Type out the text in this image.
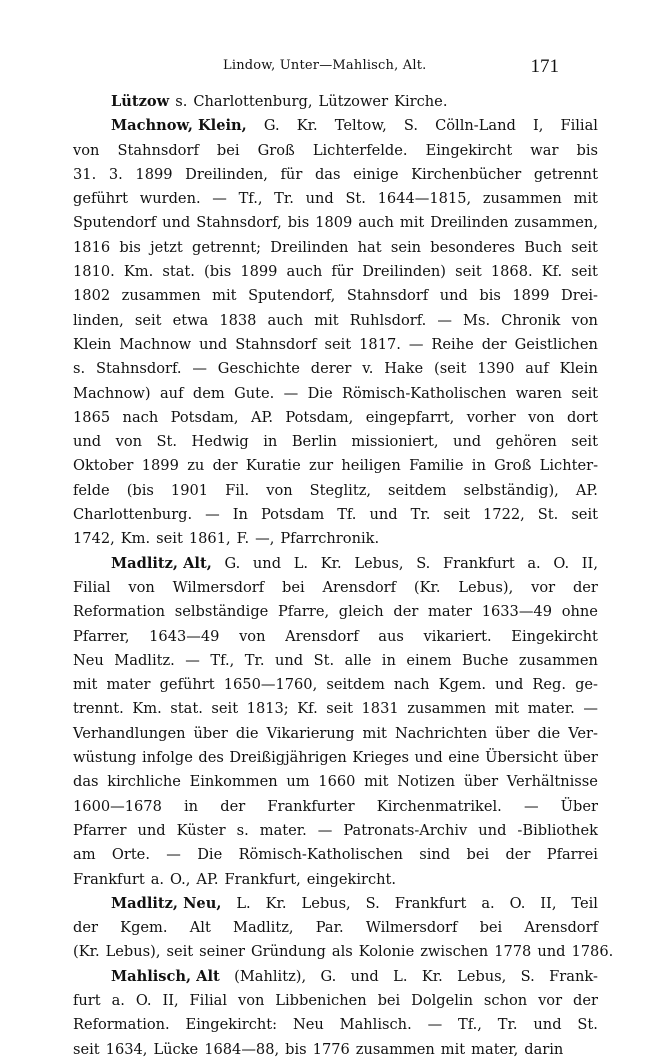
Lindow, Unter—Mahlisch, Alt.	171
Lützow s. Charlottenburg, Lützower Kirche.
Machnow, Klein, G. Kr. Teltow, S. Cölln-Land I, Filial
von Stahnsdorf bei Groß Lichterfelde. Eingekircht war bis
31. 3. 1899 Dreilinden, für das einige Kirchenbücher getrennt
geführt wurden. — Tf., Tr. und St. 1644—1815, zusammen mit
Sputendorf und Stahnsdorf, bis 1809 auch mit Dreilinden zusammen,
1816 bis jetzt getrennt; Dreilinden hat sein besonderes Buch seit
1810. Km. stat. (bis 1899 auch für Dreilinden) seit 1868. Kf. seit
1802 zusammen mit Sputendorf, Stahnsdorf und bis 1899 Drei-
linden, seit etwa 1838 auch mit Ruhlsdorf. — Ms. Chronik von
Klein Machnow und Stahnsdorf seit 1817. — Reihe der Geistlichen
s. Stahnsdorf. — Geschichte derer v. Hake (seit 1390 auf Klein
Machnow) auf dem Gute. — Die Römisch-Katholischen waren seit
1865 nach Potsdam, AP. Potsdam, eingepfarrt, vorher von dort
und von St. Hedwig in Berlin missioniert, und gehören seit
Oktober 1899 zu der Kuratie zur heiligen Familie in Groß Lichter-
felde (bis 1901 Fil. von Steglitz, seitdem selbständig), AP.
Charlottenburg. — In Potsdam Tf. und Tr. seit 1722, St. seit
1742, Km. seit 1861, F. —, Pfarrchronik.
Madlitz, Alt, G. und L. Kr. Lebus, S. Frankfurt a. O. II,
Filial von Wilmersdorf bei Arensdorf (Kr. Lebus), vor der
Reformation selbständige Pfarre, gleich der mater 1633—49 ohne
Pfarrer, 1643—49 von Arensdorf aus vikariert. Eingekircht
Neu Madlitz. — Tf., Tr. und St. alle in einem Buche zusammen
mit mater geführt 1650—1760, seitdem nach Kgem. und Reg. ge-
trennt. Km. stat. seit 1813; Kf. seit 1831 zusammen mit mater. —
Verhandlungen über die Vikarierung mit Nachrichten über die Ver-
wüstung infolge des Dreißigjährigen Krieges und eine Übersicht über
das kirchliche Einkommen um 1660 mit Notizen über Verhältnisse
1600—1678 in der Frankfurter Kirchenmatrikel. — Über
Pfarrer und Küster s. mater. — Patronats-Archiv und -Bibliothek
am Orte. — Die Römisch-Katholischen sind bei der Pfarrei
Frankfurt a. O., AP. Frankfurt, eingekircht.
Madlitz, Neu, L. Kr. Lebus, S. Frankfurt a. O. II, Teil
der Kgem. Alt Madlitz, Par. Wilmersdorf bei Arensdorf
(Kr. Lebus), seit seiner Gründung als Kolonie zwischen 1778 und 1786.
Mahlisch, Alt (Mahlitz), G. und L. Kr. Lebus, S. Frank-
furt a. O. II, Filial von Libbenichen bei Dolgelin schon vor der
Reformation. Eingekircht: Neu Mahlisch. — Tf., Tr. und St.
seit 1634, Lücke 1684—88, bis 1776 zusammen mit mater, darin
